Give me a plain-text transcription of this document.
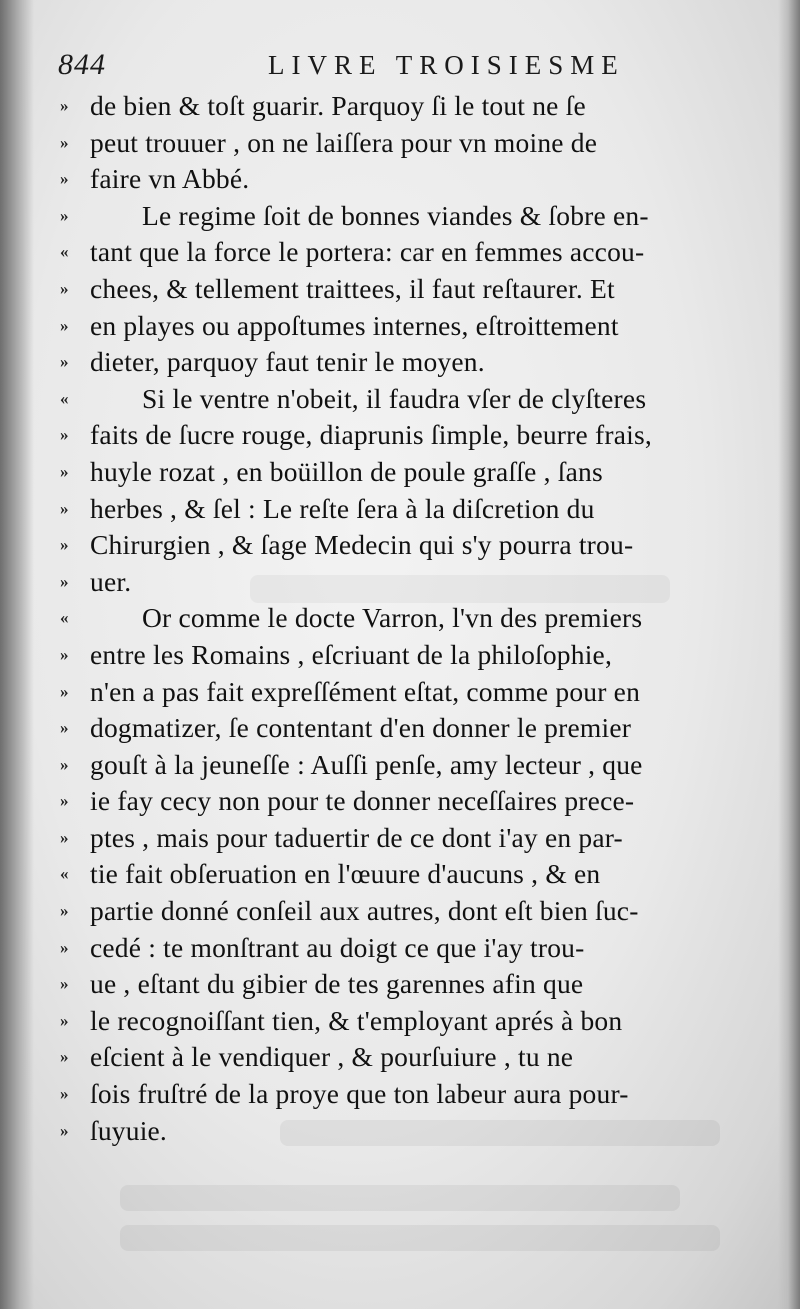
844	LIVRE TROISIESME
» de bien & toſt guarir. Parquoy ſi le tout ne ſe
» peut trouuer , on ne laiſſera pour vn moine de
» faire vn Abbé.
»	Le regime ſoit de bonnes viandes & ſobre en-
« tant que la force le portera: car en femmes accou-
» chees, & tellement traittees, il faut reſtaurer. Et
» en playes ou appoſtumes internes, eſtroittement
» dieter, parquoy faut tenir le moyen.
«	Si le ventre n'obeit, il faudra vſer de clyſteres
» faits de ſucre rouge, diaprunis ſimple, beurre frais,
» huyle rozat , en boüillon de poule graſſe , ſans
» herbes , & ſel : Le reſte ſera à la diſcretion du
» Chirurgien , & ſage Medecin qui s'y pourra trou-
» uer.
«	Or comme le docte Varron, l'vn des premiers
» entre les Romains , eſcriuant de la philoſophie,
» n'en a pas fait expreſſément eſtat, comme pour en
» dogmatizer, ſe contentant d'en donner le premier
» gouſt à la jeuneſſe : Auſſi penſe, amy lecteur , que
» ie fay cecy non pour te donner neceſſaires prece-
» ptes , mais pour taduertir de ce dont i'ay en par-
« tie fait obſeruation en l'œuure d'aucuns , & en
» partie donné conſeil aux autres, dont eſt bien ſuc-
» cedé : te monſtrant au doigt ce que i'ay trou-
» ue , eſtant du gibier de tes garennes afin que
» le recognoiſſant tien, & t'employant aprés à bon
» eſcient à le vendiquer , & pourſuiure , tu ne
» ſois fruſtré de la proye que ton labeur aura pour-
» ſuyuie.
